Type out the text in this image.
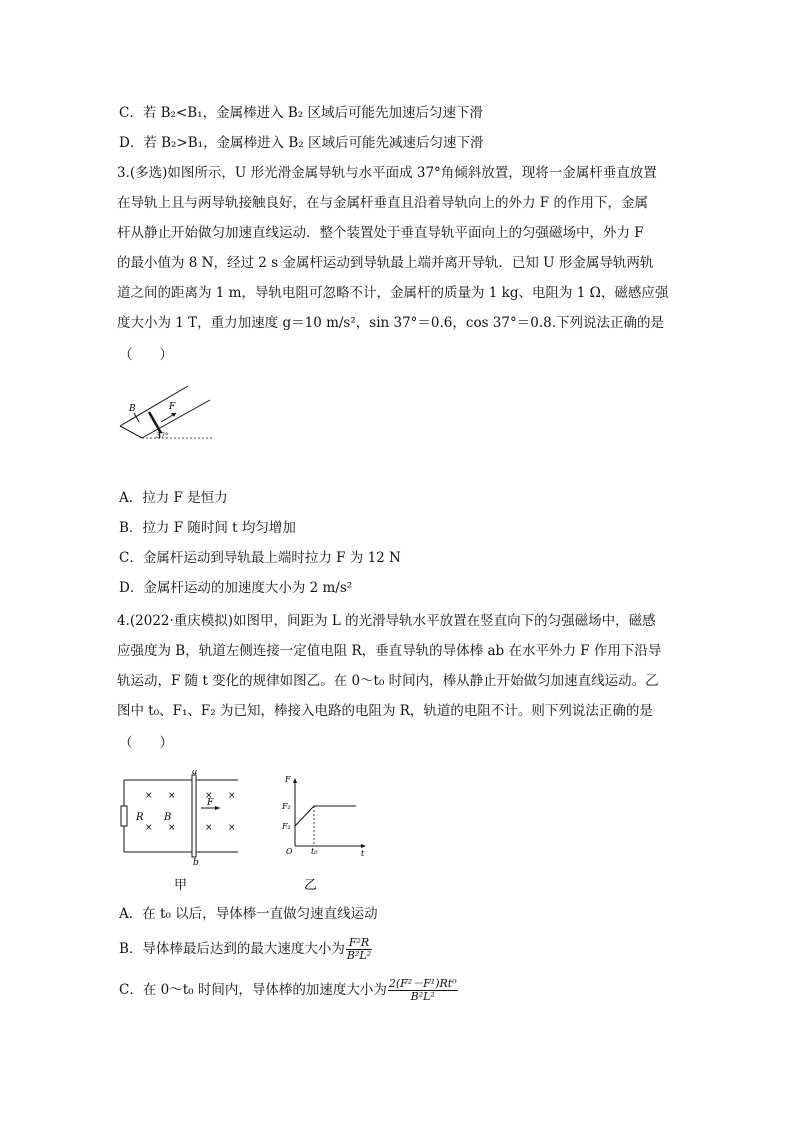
C．若 B₂<B₁，金属棒进入 B₂ 区域后可能先加速后匀速下滑
D．若 B₂>B₁，金属棒进入 B₂ 区域后可能先减速后匀速下滑
3.(多选)如图所示，U 形光滑金属导轨与水平面成 37°角倾斜放置，现将一金属杆垂直放置
在导轨上且与两导轨接触良好，在与金属杆垂直且沿着导轨向上的外力 F 的作用下，金属
杆从静止开始做匀加速直线运动．整个装置处于垂直导轨平面向上的匀强磁场中，外力 F
的最小值为 8 N，经过 2 s 金属杆运动到导轨最上端并离开导轨．已知 U 形金属导轨两轨
道之间的距离为 1 m，导轨电阻可忽略不计，金属杆的质量为 1 kg、电阻为 1 Ω，磁感应强
度大小为 1 T，重力加速度 g＝10 m/s²，sin 37°＝0.6，cos 37°＝0.8.下列说法正确的是
（　　）
B	F
37°
A．拉力 F 是恒力
B．拉力 F 随时间 t 均匀增加
C．金属杆运动到导轨最上端时拉力 F 为 12 N
D．金属杆运动的加速度大小为 2 m/s²
4.(2022·重庆模拟)如图甲，间距为 L 的光滑导轨水平放置在竖直向下的匀强磁场中，磁感
应强度为 B，轨道左侧连接一定值电阻 R，垂直导轨的导体棒 ab 在水平外力 F 作用下沿导
轨运动，F 随 t 变化的规律如图乙。在 0～t₀ 时间内，棒从静止开始做匀加速直线运动。乙
图中 t₀、F₁、F₂ 为已知，棒接入电路的电阻为 R，轨道的电阻不计。则下列说法正确的是
（　　）
a
b
R B
F
× ×	× ×
× ×	× ×
甲
F
F₂
F₁
O t₀	t
乙
A．在 t₀ 以后，导体棒一直做匀速直线运动
B．导体棒最后达到的最大速度大小为 $\frac{\text{F²R}}{\text{B²L²}}$
C．在 0～t₀ 时间内，导体棒的加速度大小为 $\frac{\text{2(F²－F¹)Rt⁰}}{\text{B²L²}}$
